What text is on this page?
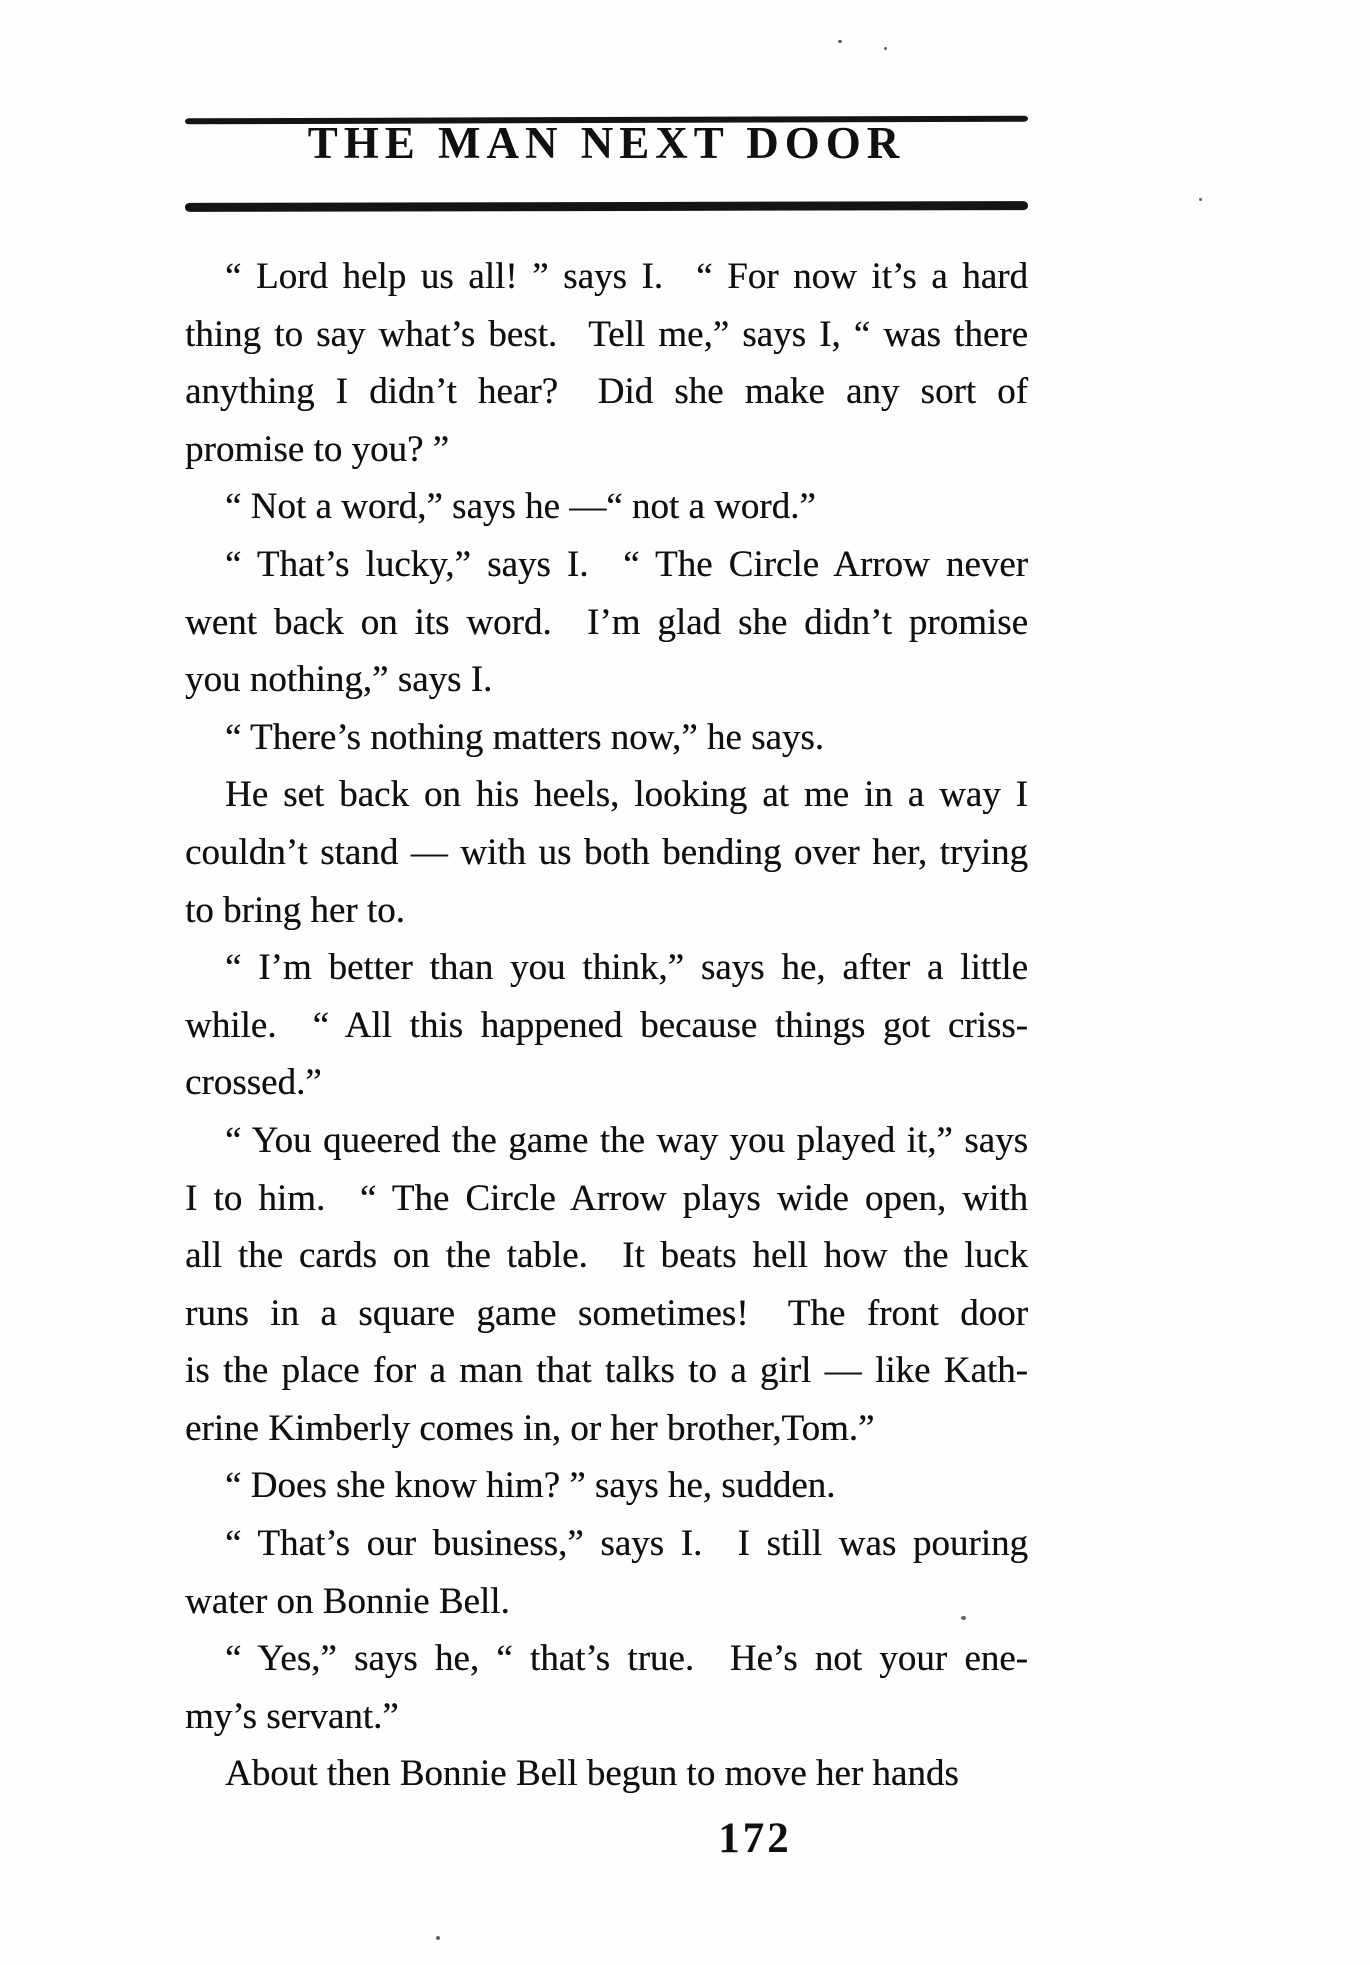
THE MAN NEXT DOOR
“ Lord help us all! ” says I.  “ For now it’s a hard
thing to say what’s best.  Tell me,” says I, “ was there
anything I didn’t hear?  Did she make any sort of
promise to you? ”
“ Not a word,” says he —“ not a word.”
“ That’s lucky,” says I.  “ The Circle Arrow never
went back on its word.  I’m glad she didn’t promise
you nothing,” says I.
“ There’s nothing matters now,” he says.
He set back on his heels, looking at me in a way I
couldn’t stand — with us both bending over her, trying
to bring her to.
“ I’m better than you think,” says he, after a little
while.  “ All this happened because things got criss-
crossed.”
“ You queered the game the way you played it,” says
I to him.  “ The Circle Arrow plays wide open, with
all the cards on the table.  It beats hell how the luck
runs in a square game sometimes!  The front door
is the place for a man that talks to a girl — like Kath-
erine Kimberly comes in, or her brother,Tom.”
“ Does she know him? ” says he, sudden.
“ That’s our business,” says I.  I still was pouring
water on Bonnie Bell.
“ Yes,” says he, “ that’s true.  He’s not your ene-
my’s servant.”
About then Bonnie Bell begun to move her hands
172
